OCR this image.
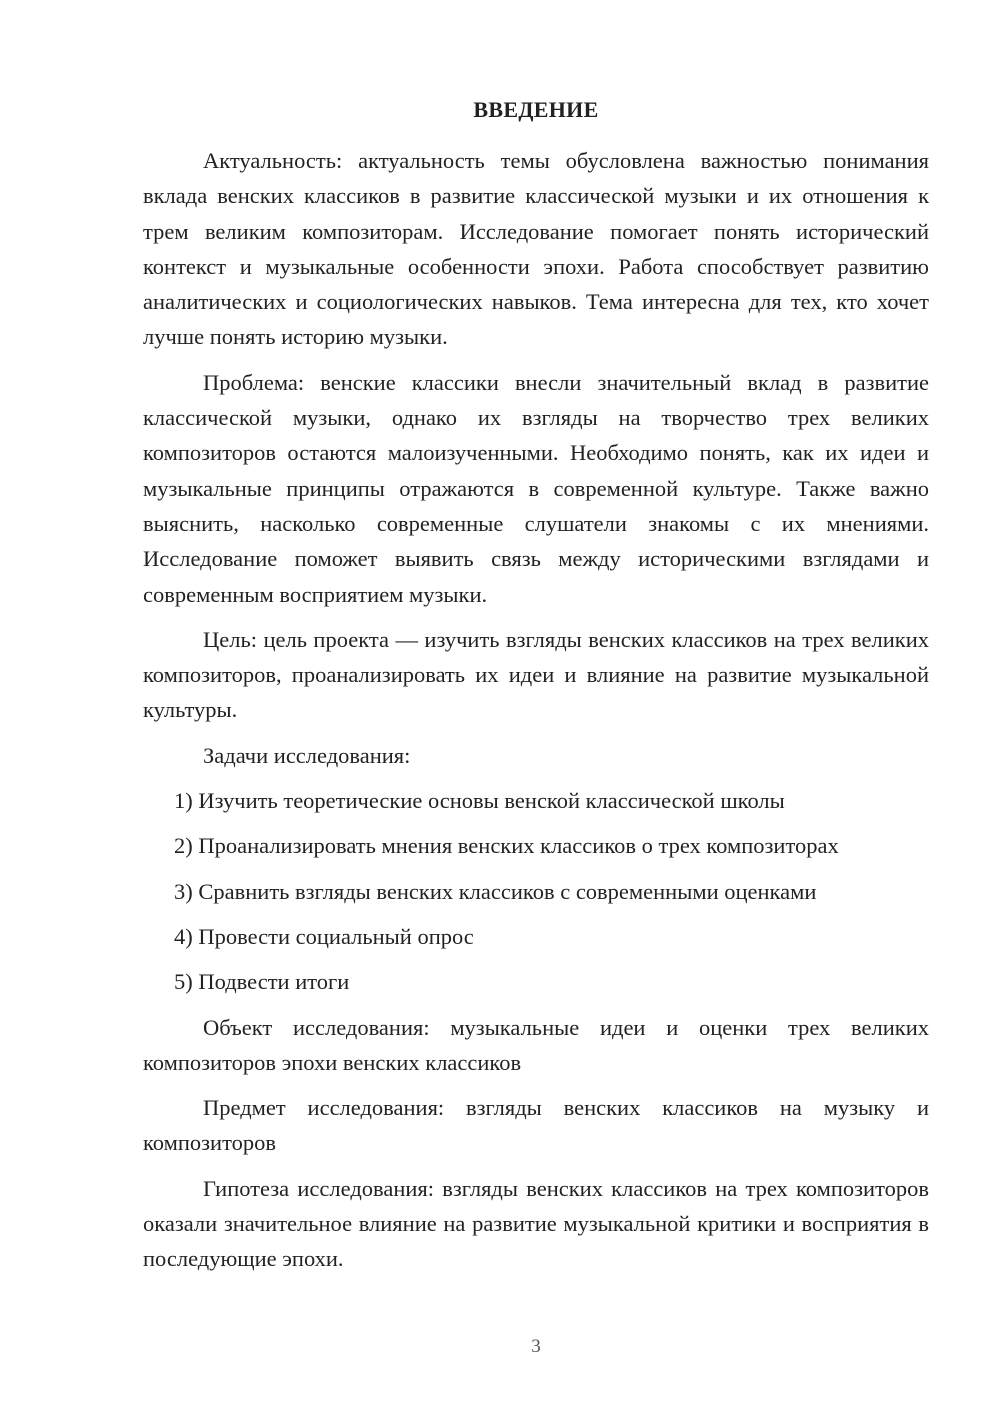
ВВЕДЕНИЕ
Актуальность: актуальность темы обусловлена важностью понимания вклада венских классиков в развитие классической музыки и их отношения к трем великим композиторам. Исследование помогает понять исторический контекст и музыкальные особенности эпохи. Работа способствует развитию аналитических и социологических навыков. Тема интересна для тех, кто хочет лучше понять историю музыки.
Проблема: венские классики внесли значительный вклад в развитие классической музыки, однако их взгляды на творчество трех великих композиторов остаются малоизученными. Необходимо понять, как их идеи и музыкальные принципы отражаются в современной культуре. Также важно выяснить, насколько современные слушатели знакомы с их мнениями. Исследование поможет выявить связь между историческими взглядами и современным восприятием музыки.
Цель: цель проекта — изучить взгляды венских классиков на трех великих композиторов, проанализировать их идеи и влияние на развитие музыкальной культуры.
Задачи исследования:
1) Изучить теоретические основы венской классической школы
2) Проанализировать мнения венских классиков о трех композиторах
3) Сравнить взгляды венских классиков с современными оценками
4) Провести социальный опрос
5) Подвести итоги
Объект исследования: музыкальные идеи и оценки трех великих композиторов эпохи венских классиков
Предмет исследования: взгляды венских классиков на музыку и композиторов
Гипотеза исследования: взгляды венских классиков на трех композиторов оказали значительное влияние на развитие музыкальной критики и восприятия в последующие эпохи.
3
